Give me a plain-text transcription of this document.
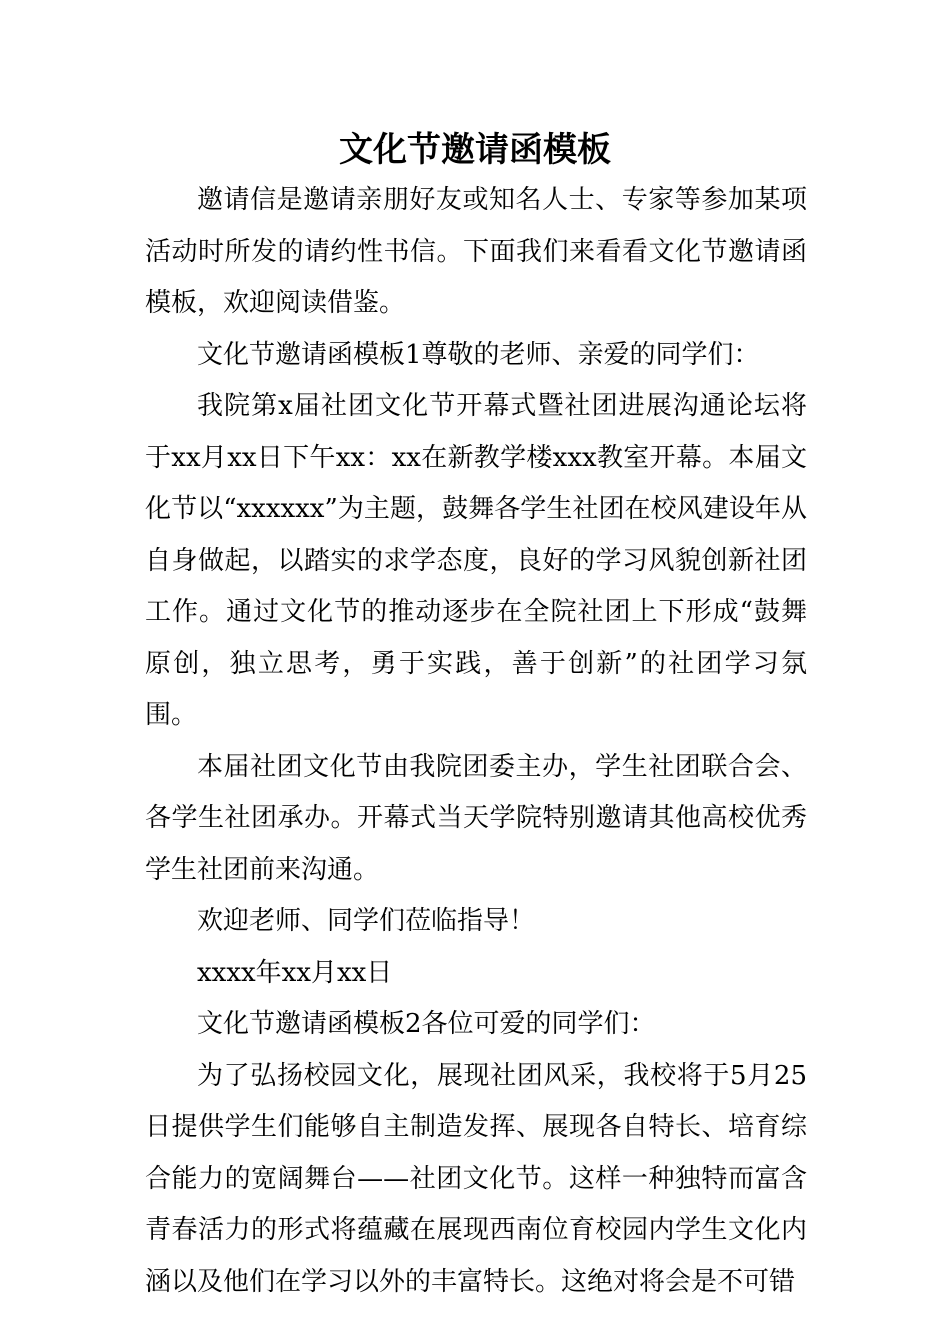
文化节邀请函模板

邀请信是邀请亲朋好友或知名人士、专家等参加某项活动时所发的请约性书信。下面我们来看看文化节邀请函模板，欢迎阅读借鉴。

文化节邀请函模板1尊敬的老师、亲爱的同学们：

我院第x届社团文化节开幕式暨社团进展沟通论坛将于xx月xx日下午xx：xx在新教学楼xxx教室开幕。本届文化节以“xxxxxx”为主题，鼓舞各学生社团在校风建设年从自身做起，以踏实的求学态度，良好的学习风貌创新社团工作。通过文化节的推动逐步在全院社团上下形成“鼓舞原创，独立思考，勇于实践，善于创新”的社团学习氛围。

本届社团文化节由我院团委主办，学生社团联合会、各学生社团承办。开幕式当天学院特别邀请其他高校优秀学生社团前来沟通。

欢迎老师、同学们莅临指导！

xxxx年xx月xx日

文化节邀请函模板2各位可爱的同学们：

为了弘扬校园文化，展现社团风采，我校将于5月25日提供学生们能够自主制造发挥、展现各自特长、培育综合能力的宽阔舞台——社团文化节。这样一种独特而富含青春活力的形式将蕴藏在展现西南位育校园内学生文化内涵以及他们在学习以外的丰富特长。这绝对将会是不可错
